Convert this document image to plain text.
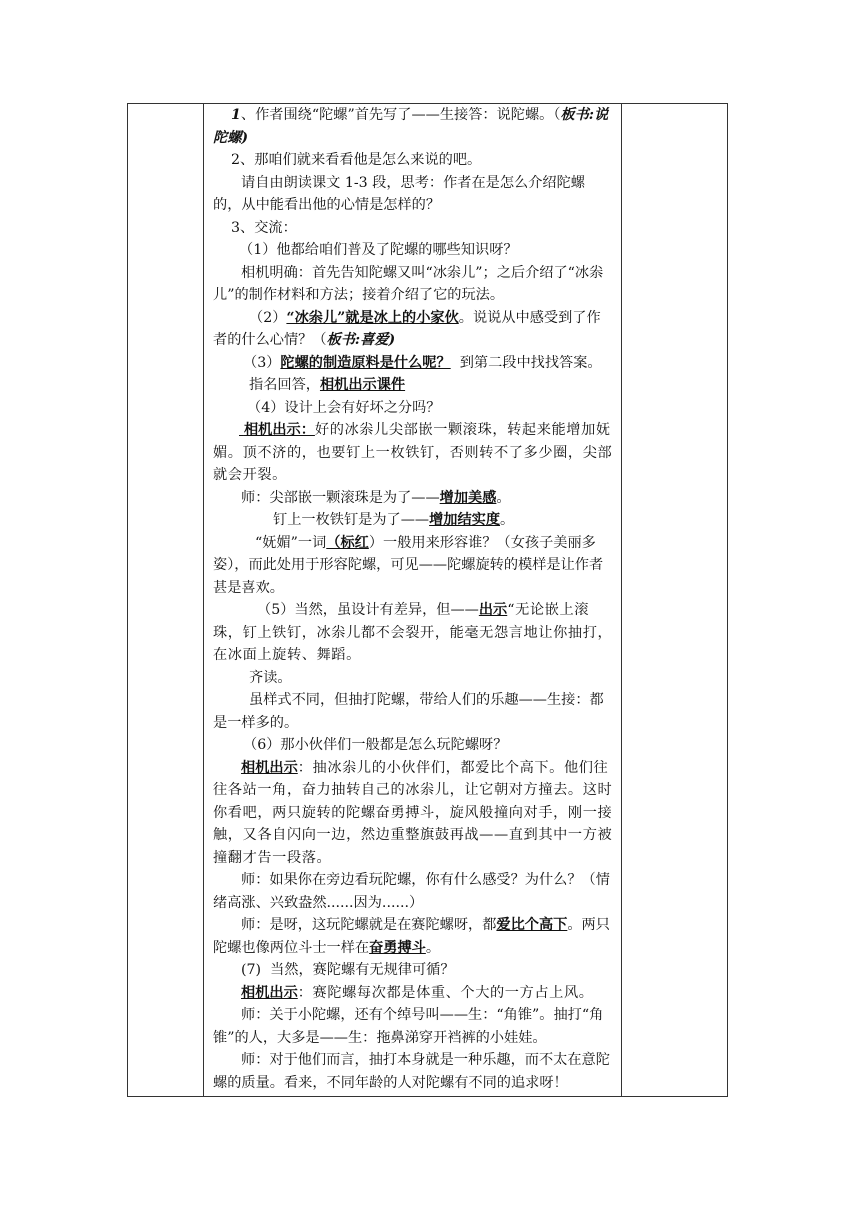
1、作者围绕“陀螺”首先写了——生接答：说陀螺。（板书:说陀螺)

2、那咱们就来看看他是怎么来说的吧。

请自由朗读课文 1-3 段，思考：作者在是怎么介绍陀螺的，从中能看出他的心情是怎样的？

3、交流：

（1）他都给咱们普及了陀螺的哪些知识呀？

相机明确：首先告知陀螺又叫“冰尜儿”；之后介绍了“冰尜儿”的制作材料和方法；接着介绍了它的玩法。

（2）“冰尜儿”就是冰上的小家伙。说说从中感受到了作者的什么心情？（板书:喜爱)

（3）陀螺的制造原料是什么呢？  到第二段中找找答案。

指名回答，相机出示课件

（4）设计上会有好坏之分吗？

相机出示：好的冰尜儿尖部嵌一颗滚珠，转起来能增加妩媚。顶不济的，也要钉上一枚铁钉，否则转不了多少圈，尖部就会开裂。

师：尖部嵌一颗滚珠是为了——增加美感。

钉上一枚铁钉是为了——增加结实度。

“妩媚”一词（标红）一般用来形容谁？（女孩子美丽多姿），而此处用于形容陀螺，可见——陀螺旋转的模样是让作者甚是喜欢。

（5）当然，虽设计有差异，但——出示“无论嵌上滚珠，钉上铁钉，冰尜儿都不会裂开，能毫无怨言地让你抽打，在冰面上旋转、舞蹈。

齐读。

虽样式不同，但抽打陀螺，带给人们的乐趣——生接：都是一样多的。

（6）那小伙伴们一般都是怎么玩陀螺呀？

相机出示：抽冰尜儿的小伙伴们，都爱比个高下。他们往往各站一角，奋力抽转自己的冰尜儿，让它朝对方撞去。这时你看吧，两只旋转的陀螺奋勇搏斗，旋风般撞向对手，刚一接触，又各自闪向一边，然边重整旗鼓再战——直到其中一方被撞翻才告一段落。

师：如果你在旁边看玩陀螺，你有什么感受？为什么？（情绪高涨、兴致盎然......因为......）

师：是呀，这玩陀螺就是在赛陀螺呀，都爱比个高下。两只陀螺也像两位斗士一样在奋勇搏斗。

(7)  当然，赛陀螺有无规律可循？

相机出示：赛陀螺每次都是体重、个大的一方占上风。

师：关于小陀螺，还有个绰号叫——生：“角锥”。抽打“角锥”的人，大多是——生：拖鼻涕穿开裆裤的小娃娃。

师：对于他们而言，抽打本身就是一种乐趣，而不太在意陀螺的质量。看来，不同年龄的人对陀螺有不同的追求呀！
